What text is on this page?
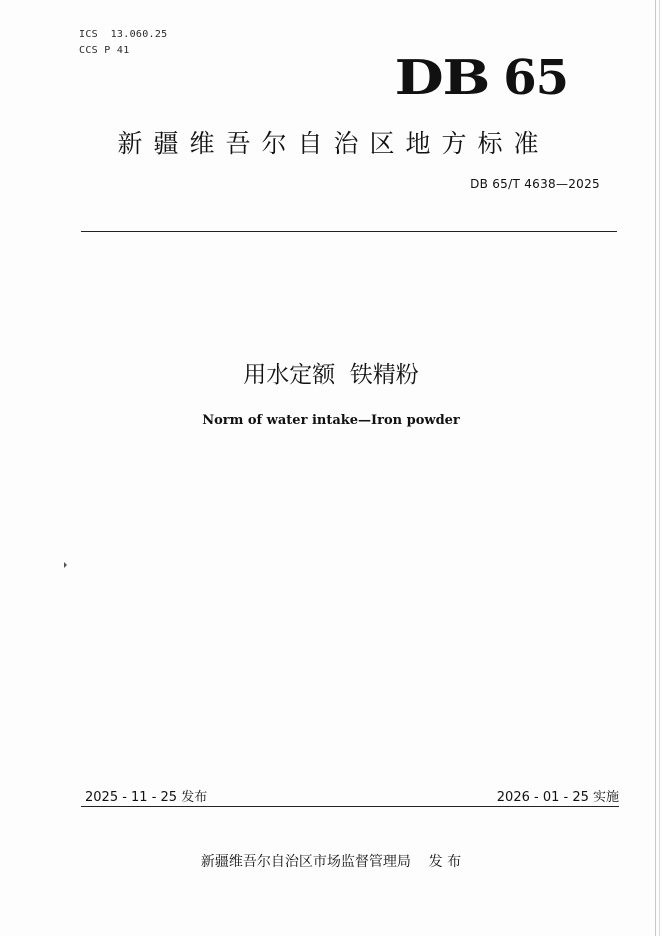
ICS  13.060.25
CCS P 41	DB 65
新疆维吾尔自治区地方标准
DB 65/T 4638—2025
用水定额  铁精粉
Norm of water intake—Iron powder
2025 - 11 - 25 发布	2026 - 01 - 25 实施
新疆维吾尔自治区市场监督管理局    发 布
